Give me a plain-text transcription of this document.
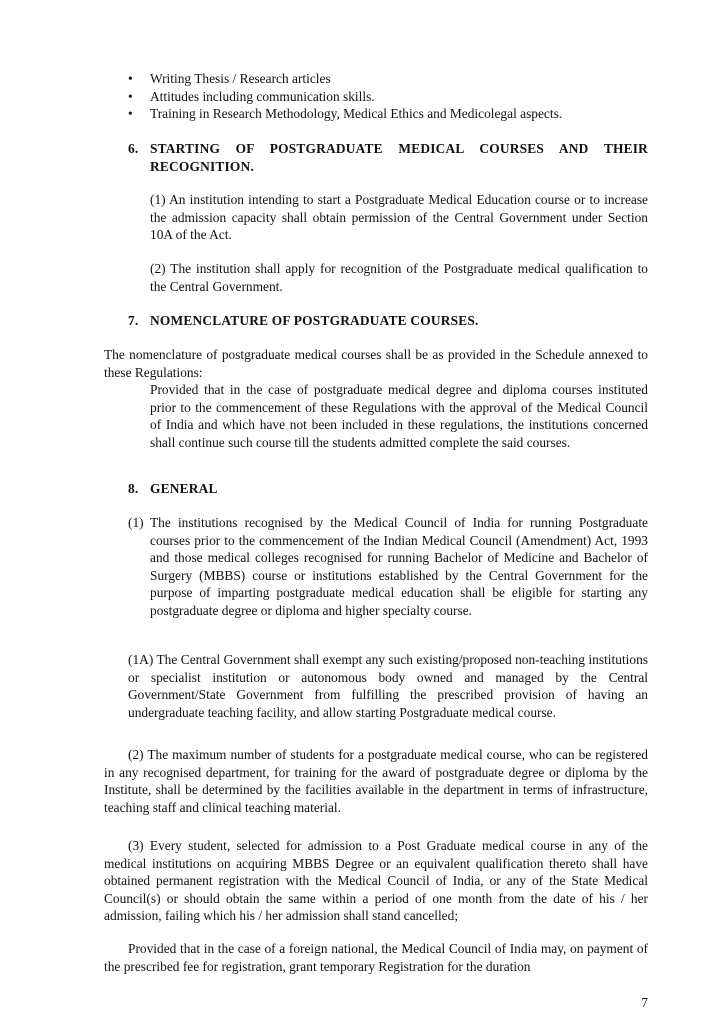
• Writing Thesis / Research articles
• Attitudes including communication skills.
• Training in Research Methodology, Medical Ethics and Medicolegal aspects.
6. STARTING OF POSTGRADUATE MEDICAL COURSES AND THEIR RECOGNITION.

(1) An institution intending to start a Postgraduate Medical Education course or to increase the admission capacity shall obtain permission of the Central Government under Section 10A of the Act.

(2) The institution shall apply for recognition of the Postgraduate medical qualification to the Central Government.

7. NOMENCLATURE OF POSTGRADUATE COURSES.

The nomenclature of postgraduate medical courses shall be as provided in the Schedule annexed to these Regulations:

Provided that in the case of postgraduate medical degree and diploma courses instituted prior to the commencement of these Regulations with the approval of the Medical Council of India and which have not been included in these regulations, the institutions concerned shall continue such course till the students admitted complete the said courses.

8. GENERAL

(1) The institutions recognised by the Medical Council of India for running Postgraduate courses prior to the commencement of the Indian Medical Council (Amendment) Act, 1993 and those medical colleges recognised for running Bachelor of Medicine and Bachelor of Surgery (MBBS) course or institutions established by the Central Government for the purpose of imparting postgraduate medical education shall be eligible for starting any postgraduate degree or diploma and higher specialty course.

(1A) The Central Government shall exempt any such existing/proposed non-teaching institutions or specialist institution or autonomous body owned and managed by the Central Government/State Government from fulfilling the prescribed provision of having an undergraduate teaching facility, and allow starting Postgraduate medical course.

(2) The maximum number of students for a postgraduate medical course, who can be registered in any recognised department, for training for the award of postgraduate degree or diploma by the Institute, shall be determined by the facilities available in the department in terms of infrastructure, teaching staff and clinical teaching material.

(3) Every student, selected for admission to a Post Graduate medical course in any of the medical institutions on acquiring MBBS Degree or an equivalent qualification thereto shall have obtained permanent registration with the Medical Council of India, or any of the State Medical Council(s) or should obtain the same within a period of one month from the date of his / her admission, failing which his / her admission shall stand cancelled;

Provided that in the case of a foreign national, the Medical Council of India may, on payment of the prescribed fee for registration, grant temporary Registration for the duration

7
